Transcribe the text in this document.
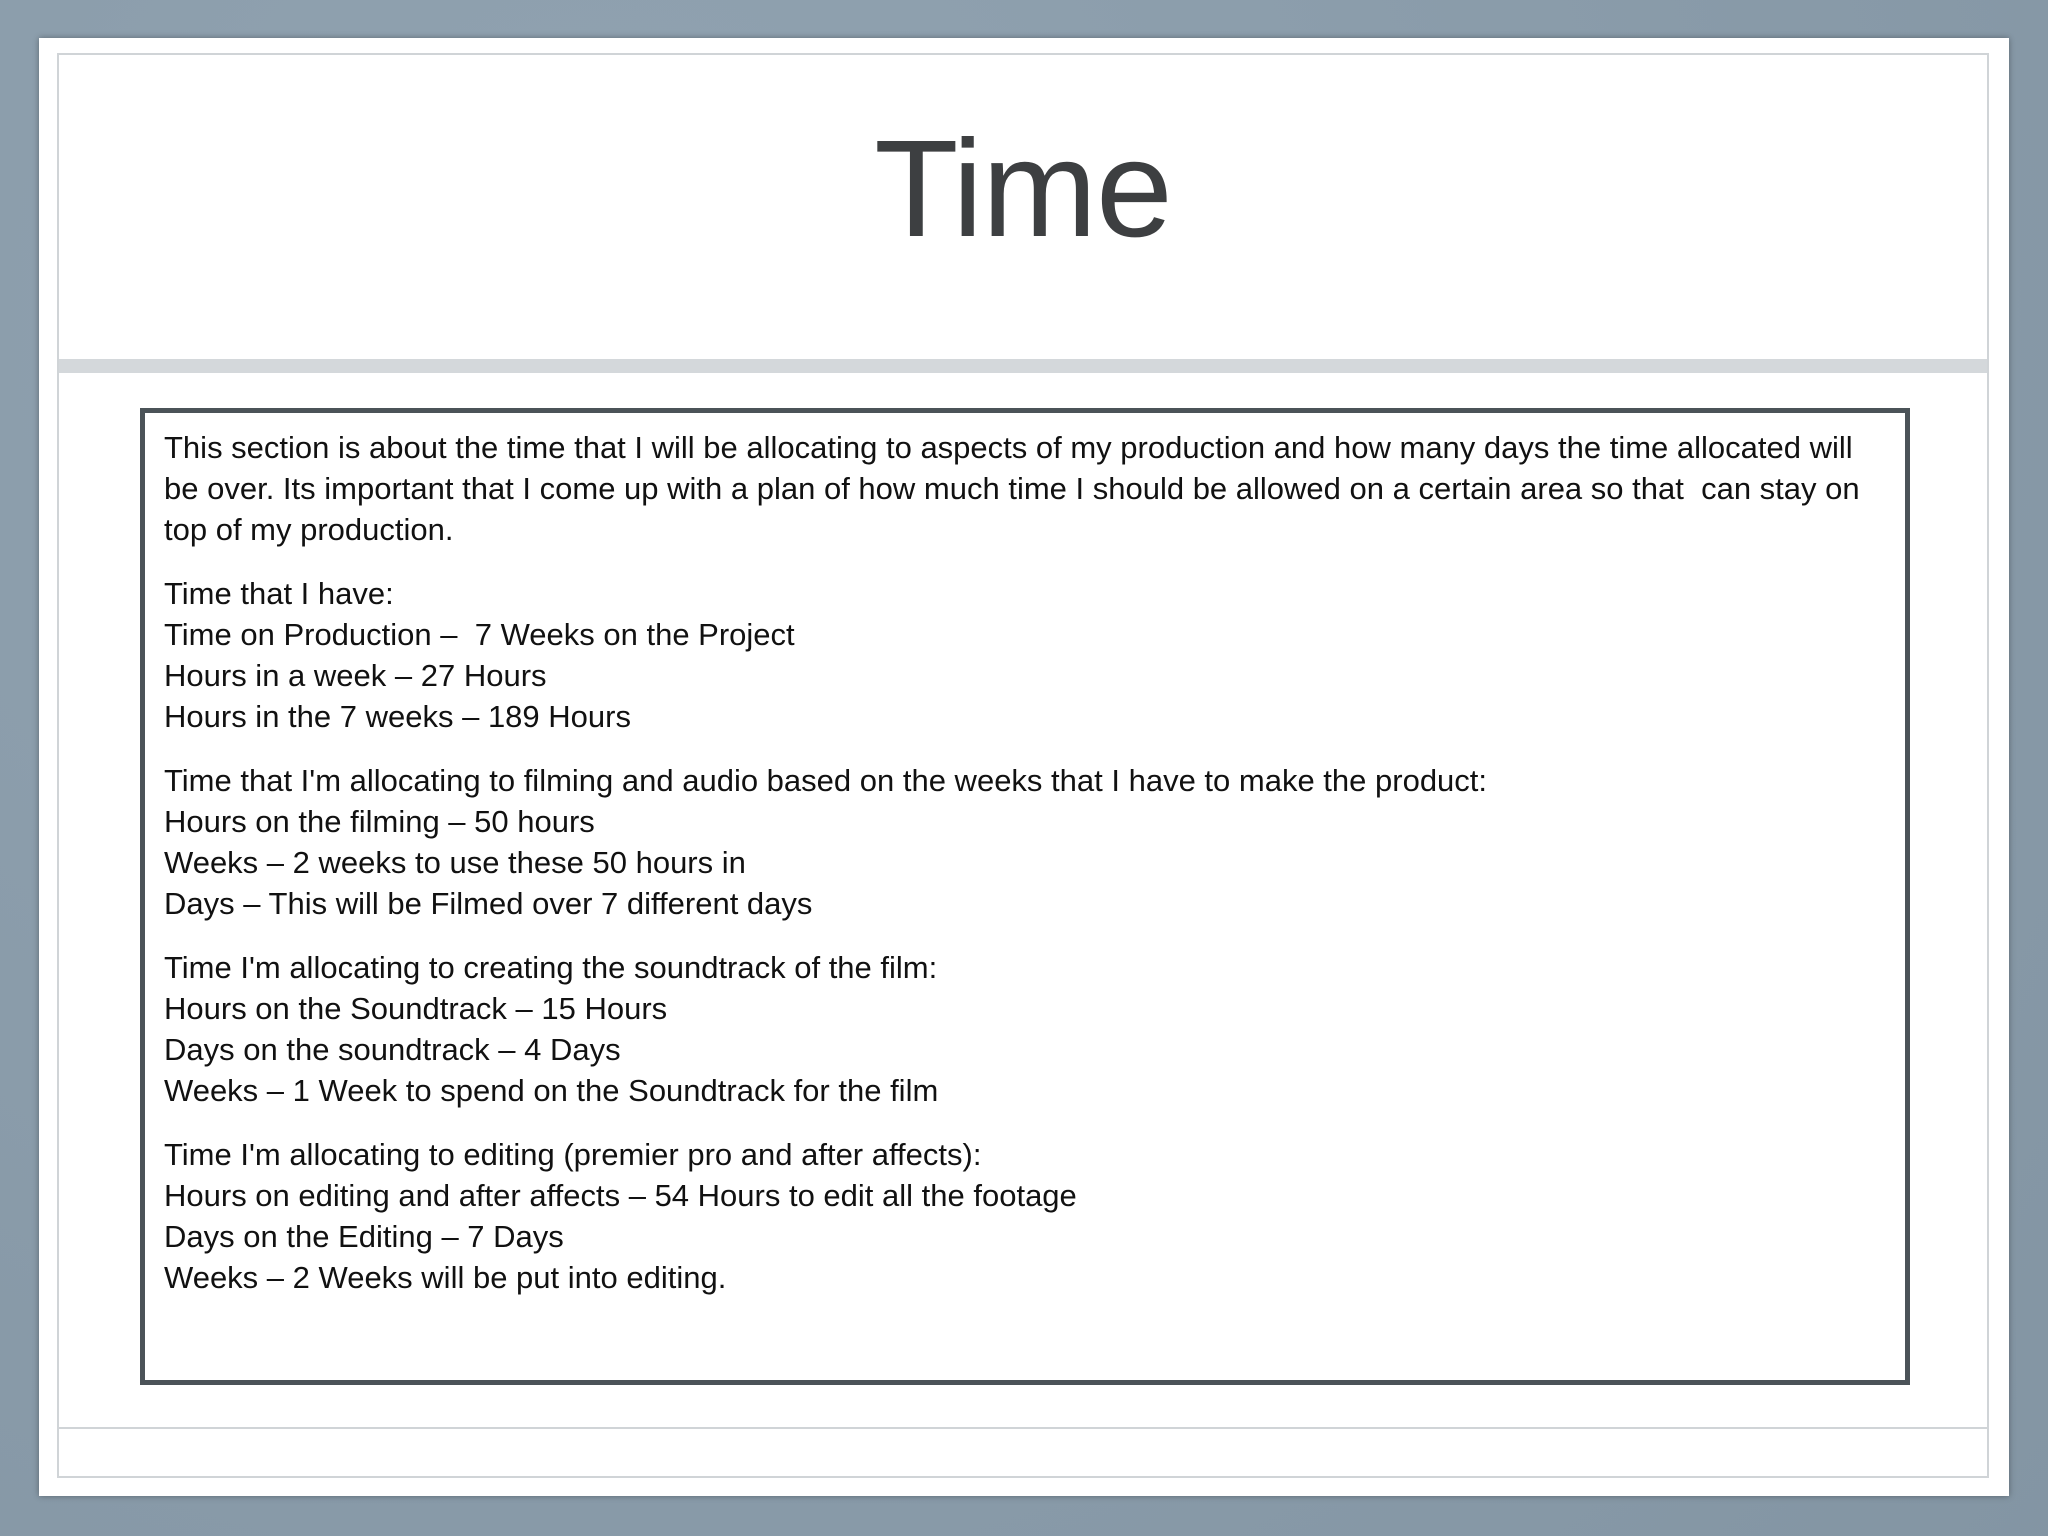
Time
This section is about the time that I will be allocating to aspects of my production and how many days the time allocated will be over. Its important that I come up with a plan of how much time I should be allowed on a certain area so that  can stay on top of my production.
Time that I have:
Time on Production –  7 Weeks on the Project
Hours in a week – 27 Hours
Hours in the 7 weeks – 189 Hours
Time that I'm allocating to filming and audio based on the weeks that I have to make the product:
Hours on the filming – 50 hours
Weeks – 2 weeks to use these 50 hours in
Days – This will be Filmed over 7 different days
Time I'm allocating to creating the soundtrack of the film:
Hours on the Soundtrack – 15 Hours
Days on the soundtrack – 4 Days
Weeks – 1 Week to spend on the Soundtrack for the film
Time I'm allocating to editing (premier pro and after affects):
Hours on editing and after affects – 54 Hours to edit all the footage
Days on the Editing – 7 Days
Weeks – 2 Weeks will be put into editing.
